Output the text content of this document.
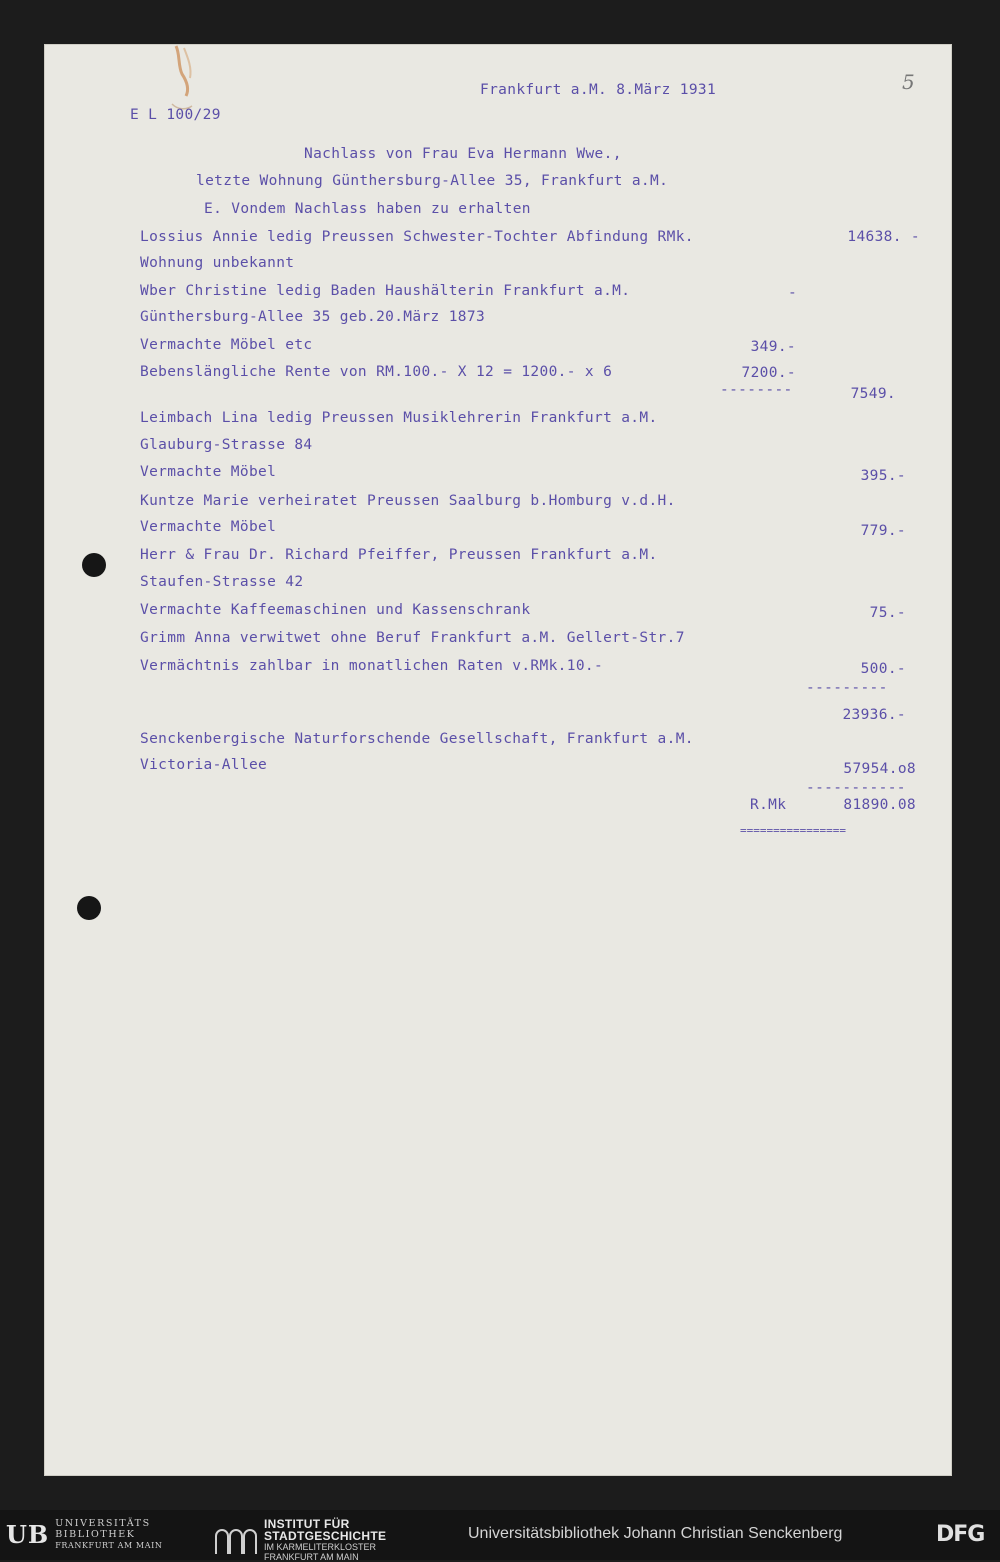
5
Frankfurt a.M. 8.März 1931
E L 100/29
Nachlass von Frau Eva Hermann Wwe.,
letzte Wohnung Günthersburg-Allee 35, Frankfurt a.M.
E. Vondem Nachlass haben zu erhalten
Lossius Annie ledig Preussen Schwester-Tochter Abfindung RMk.	14638. -
Wohnung unbekannt
Wber Christine ledig Baden Haushälterin Frankfurt a.M.	-
Günthersburg-Allee 35 geb.20.März 1873
Vermachte Möbel etc	349.-
Bebenslängliche Rente von RM.100.- X 12 = 1200.- x 6	7200.-
--------	7549.
Leimbach Lina ledig Preussen Musiklehrerin Frankfurt a.M.
Glauburg-Strasse 84
Vermachte Möbel	395.-
Kuntze Marie verheiratet Preussen Saalburg b.Homburg v.d.H.
Vermachte Möbel	779.-
Herr & Frau Dr. Richard Pfeiffer, Preussen Frankfurt a.M.
Staufen-Strasse 42
Vermachte Kaffeemaschinen und Kassenschrank	75.-
Grimm Anna verwitwet ohne Beruf Frankfurt a.M. Gellert-Str.7
Vermächtnis zahlbar in monatlichen Raten v.RMk.10.-	500.-
---------
23936.-
Senckenbergische Naturforschende Gesellschaft, Frankfurt a.M.
Victoria-Allee	57954.o8
-----------
R.Mk	81890.08
================
UB UNIVERSITÄTS
BIBLIOTHEK
FRANKFURT AM MAIN
INSTITUT FÜR
STADTGESCHICHTE
IM KARMELITERKLOSTER
FRANKFURT AM MAIN
Universitätsbibliothek Johann Christian Senckenberg	DFG
